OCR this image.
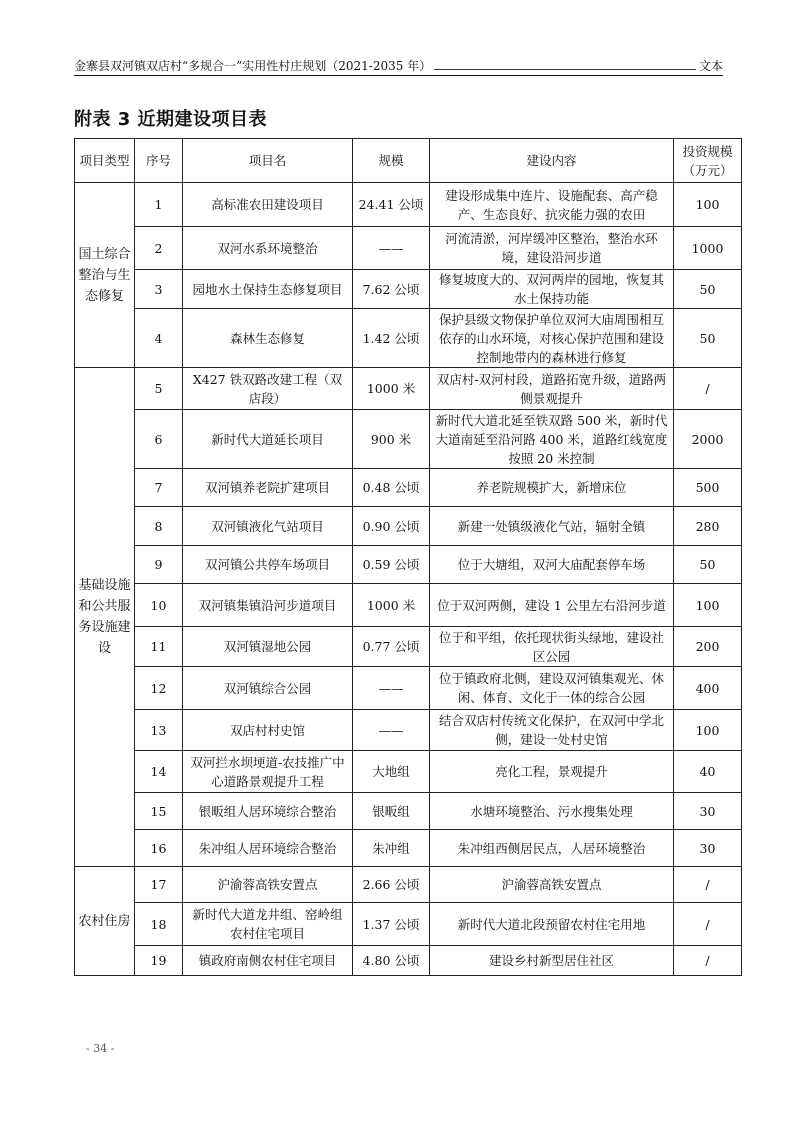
金寨县双河镇双店村“多规合一”实用性村庄规划（2021-2035 年）	文本
附表 3 近期建设项目表
项目类型	序号	项目名	规模	建设内容	投资规模（万元）
国土综合整治与生态修复	1	高标准农田建设项目	24.41 公顷	建设形成集中连片、设施配套、高产稳产、生态良好、抗灾能力强的农田	100
	2	双河水系环境整治	——	河流清淤，河岸缓冲区整治，整治水环境，建设沿河步道	1000
	3	园地水土保持生态修复项目	7.62 公顷	修复坡度大的、双河两岸的园地，恢复其水土保持功能	50
	4	森林生态修复	1.42 公顷	保护县级文物保护单位双河大庙周围相互依存的山水环境，对核心保护范围和建设控制地带内的森林进行修复	50
基础设施和公共服务设施建设	5	X427 铁双路改建工程（双店段）	1000 米	双店村-双河村段，道路拓宽升级，道路两侧景观提升	/
	6	新时代大道延长项目	900 米	新时代大道北延至铁双路 500 米，新时代大道南延至沿河路 400 米，道路红线宽度按照 20 米控制	2000
	7	双河镇养老院扩建项目	0.48 公顷	养老院规模扩大，新增床位	500
	8	双河镇液化气站项目	0.90 公顷	新建一处镇级液化气站，辐射全镇	280
	9	双河镇公共停车场项目	0.59 公顷	位于大塘组，双河大庙配套停车场	50
	10	双河镇集镇沿河步道项目	1000 米	位于双河两侧，建设 1 公里左右沿河步道	100
	11	双河镇湿地公园	0.77 公顷	位于和平组，依托现状街头绿地，建设社区公园	200
	12	双河镇综合公园	——	位于镇政府北侧，建设双河镇集观光、休闲、体育、文化于一体的综合公园	400
	13	双店村村史馆	——	结合双店村传统文化保护，在双河中学北侧，建设一处村史馆	100
	14	双河拦水坝埂道-农技推广中心道路景观提升工程	大地组	亮化工程，景观提升	40
	15	银畈组人居环境综合整治	银畈组	水塘环境整治、污水搜集处理	30
	16	朱冲组人居环境综合整治	朱冲组	朱冲组西侧居民点，人居环境整治	30
农村住房	17	沪渝蓉高铁安置点	2.66 公顷	沪渝蓉高铁安置点	/
	18	新时代大道龙井组、窑岭组农村住宅项目	1.37 公顷	新时代大道北段预留农村住宅用地	/
	19	镇政府南侧农村住宅项目	4.80 公顷	建设乡村新型居住社区	/
- 34 -
